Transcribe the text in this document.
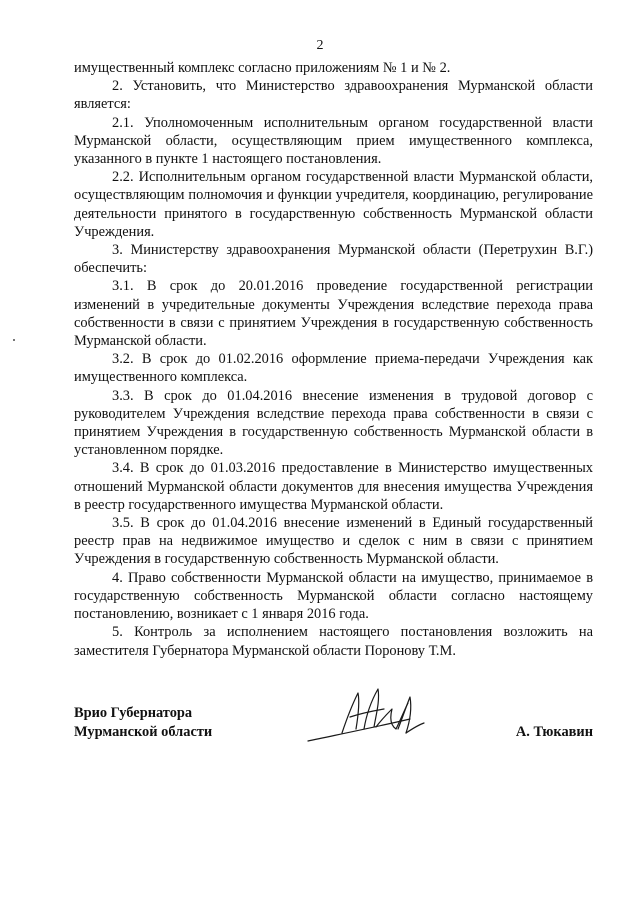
2

имущественный комплекс согласно приложениям № 1 и № 2.

2. Установить, что Министерство здравоохранения Мурманской области является:

2.1. Уполномоченным исполнительным органом государственной власти Мурманской области, осуществляющим прием имущественного комплекса, указанного в пункте 1 настоящего постановления.

2.2. Исполнительным органом государственной власти Мурманской области, осуществляющим полномочия и функции учредителя, координацию, регулирование деятельности принятого в государственную собственность Мурманской области Учреждения.

3. Министерству здравоохранения Мурманской области (Перетрухин В.Г.) обеспечить:

3.1. В срок до 20.01.2016 проведение государственной регистрации изменений в учредительные документы Учреждения вследствие перехода права собственности в связи с принятием Учреждения в государственную собственность Мурманской области.

3.2. В срок до 01.02.2016 оформление приема-передачи Учреждения как имущественного комплекса.

3.3. В срок до 01.04.2016 внесение изменения в трудовой договор с руководителем Учреждения вследствие перехода права собственности в связи с принятием Учреждения в государственную собственность Мурманской области в установленном порядке.

3.4. В срок до 01.03.2016 предоставление в Министерство имущественных отношений Мурманской области документов для внесения имущества Учреждения в реестр государственного имущества Мурманской области.

3.5. В срок до 01.04.2016 внесение изменений в Единый государственный реестр прав на недвижимое имущество и сделок с ним в связи с принятием Учреждения в государственную собственность Мурманской области.

4. Право собственности Мурманской области на имущество, принимаемое в государственную собственность Мурманской области согласно настоящему постановлению, возникает с 1 января 2016 года.

5. Контроль за исполнением настоящего постановления возложить на заместителя Губернатора Мурманской области Поронову Т.М.

Врио Губернатора
Мурманской области	А. Тюкавин
